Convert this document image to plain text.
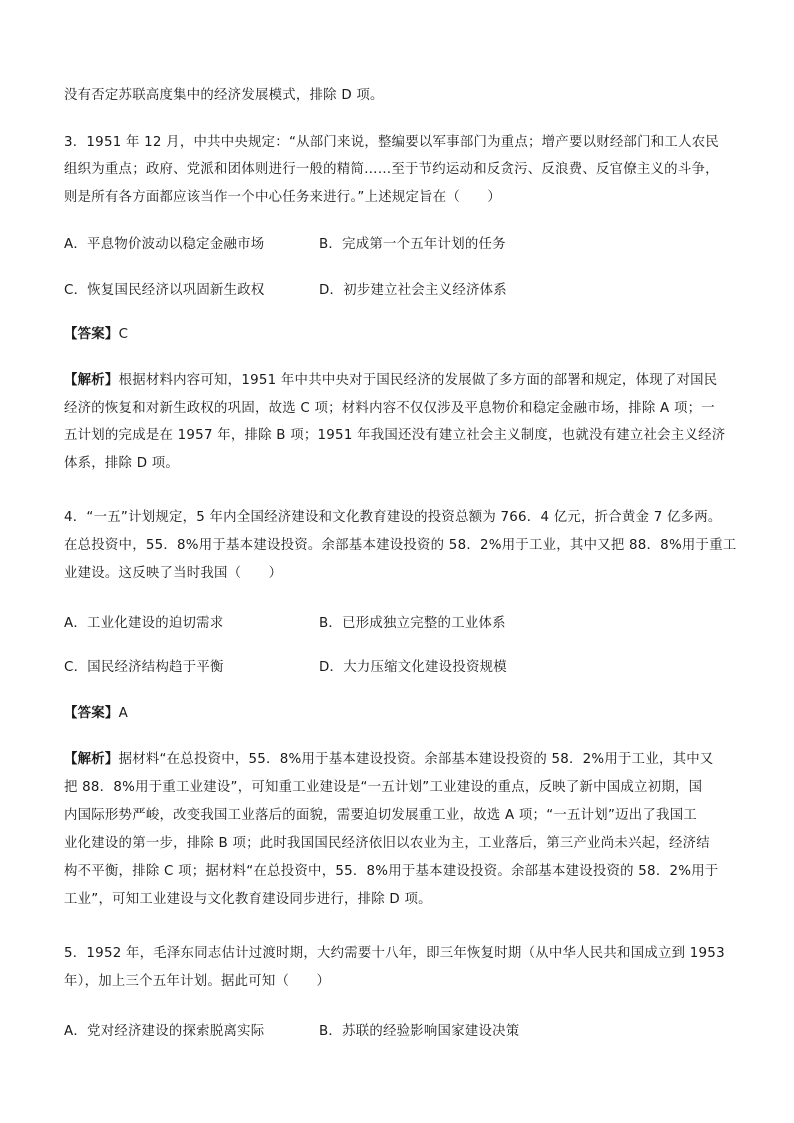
没有否定苏联高度集中的经济发展模式，排除 D 项。
3．1951 年 12 月，中共中央规定：“从部门来说，整编要以军事部门为重点；增产要以财经部门和工人农民
组织为重点；政府、党派和团体则进行一般的精简……至于节约运动和反贪污、反浪费、反官僚主义的斗争，
则是所有各方面都应该当作一个中心任务来进行。”上述规定旨在（　　）
A．平息物价波动以稳定金融市场	B．完成第一个五年计划的任务
C．恢复国民经济以巩固新生政权	D．初步建立社会主义经济体系
【答案】C
【解析】根据材料内容可知，1951 年中共中央对于国民经济的发展做了多方面的部署和规定，体现了对国民
经济的恢复和对新生政权的巩固，故选 C 项；材料内容不仅仅涉及平息物价和稳定金融市场，排除 A 项；一
五计划的完成是在 1957 年，排除 B 项；1951 年我国还没有建立社会主义制度，也就没有建立社会主义经济
体系，排除 D 项。
4．“一五”计划规定，5 年内全国经济建设和文化教育建设的投资总额为 766．4 亿元，折合黄金 7 亿多两。
在总投资中，55．8%用于基本建设投资。余部基本建设投资的 58．2%用于工业，其中又把 88．8%用于重工
业建设。这反映了当时我国（　　）
A．工业化建设的迫切需求	B．已形成独立完整的工业体系
C．国民经济结构趋于平衡	D．大力压缩文化建设投资规模
【答案】A
【解析】据材料“在总投资中，55．8%用于基本建设投资。余部基本建设投资的 58．2%用于工业，其中又
把 88．8%用于重工业建设”，可知重工业建设是“一五计划”工业建设的重点，反映了新中国成立初期，国
内国际形势严峻，改变我国工业落后的面貌，需要迫切发展重工业，故选 A 项；“一五计划”迈出了我国工
业化建设的第一步，排除 B 项；此时我国国民经济依旧以农业为主，工业落后，第三产业尚未兴起，经济结
构不平衡，排除 C 项；据材料“在总投资中，55．8%用于基本建设投资。余部基本建设投资的 58．2%用于
工业”，可知工业建设与文化教育建设同步进行，排除 D 项。
5．1952 年，毛泽东同志估计过渡时期，大约需要十八年，即三年恢复时期（从中华人民共和国成立到 1953
年），加上三个五年计划。据此可知（　　）
A．党对经济建设的探索脱离实际	B．苏联的经验影响国家建设决策
